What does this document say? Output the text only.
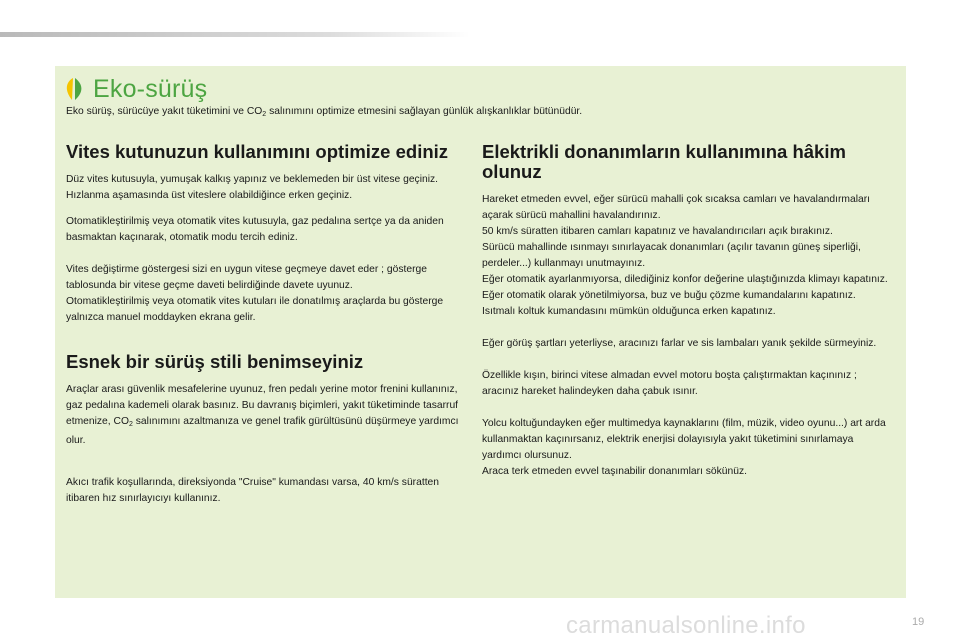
Eko-sürüş
Eko sürüş, sürücüye yakıt tüketimini ve $CO_2$ salınımını optimize etmesini sağlayan günlük alışkanlıklar bütünüdür.
Vites kutunuzun kullanımını optimize ediniz

Düz vites kutusuyla, yumuşak kalkış yapınız ve beklemeden bir üst vitese geçiniz. Hızlanma aşamasında üst viteslere olabildiğince erken geçiniz.

Otomatikleştirilmiş veya otomatik vites kutusuyla, gaz pedalına sertçe ya da aniden basmaktan kaçınarak, otomatik modu tercih ediniz.

Vites değiştirme göstergesi sizi en uygun vitese geçmeye davet eder ; gösterge tablosunda bir vitese geçme daveti belirdiğinde davete uyunuz.

Otomatikleştirilmiş veya otomatik vites kutuları ile donatılmış araçlarda bu gösterge yalnızca manuel moddayken ekrana gelir.

Esnek bir sürüş stili benimseyiniz

Araçlar arası güvenlik mesafelerine uyunuz, fren pedalı yerine motor frenini kullanınız, gaz pedalına kademeli olarak basınız. Bu davranış biçimleri, yakıt tüketiminde tasarruf etmenize, $CO_2$ salınımını azaltmanıza ve genel trafik gürültüsünü düşürmeye yardımcı olur.

Akıcı trafik koşullarında, direksiyonda "Cruise" kumandası varsa, 40 km/s süratten itibaren hız sınırlayıcıyı kullanınız.

Elektrikli donanımların kullanımına hâkim olunuz

Hareket etmeden evvel, eğer sürücü mahalli çok sıcaksa camları ve havalandırmaları açarak sürücü mahallini havalandırınız.

50 km/s süratten itibaren camları kapatınız ve havalandırıcıları açık bırakınız.

Sürücü mahallinde ısınmayı sınırlayacak donanımları (açılır tavanın güneş siperliği, perdeler...) kullanmayı unutmayınız.

Eğer otomatik ayarlanmıyorsa, dilediğiniz konfor değerine ulaştığınızda klimayı kapatınız.

Eğer otomatik olarak yönetilmiyorsa, buz ve buğu çözme kumandalarını kapatınız.

Isıtmalı koltuk kumandasını mümkün olduğunca erken kapatınız.

Eğer görüş şartları yeterliyse, aracınızı farlar ve sis lambaları yanık şekilde sürmeyiniz.

Özellikle kışın, birinci vitese almadan evvel motoru boşta çalıştırmaktan kaçınınız ; aracınız hareket halindeyken daha çabuk ısınır.

Yolcu koltuğundayken eğer multimedya kaynaklarını (film, müzik, video oyunu...) art arda kullanmaktan kaçınırsanız, elektrik enerjisi dolayısıyla yakıt tüketimini sınırlamaya yardımcı olursunuz.

Araca terk etmeden evvel taşınabilir donanımları sökünüz.

carmanualsonline.info	19
